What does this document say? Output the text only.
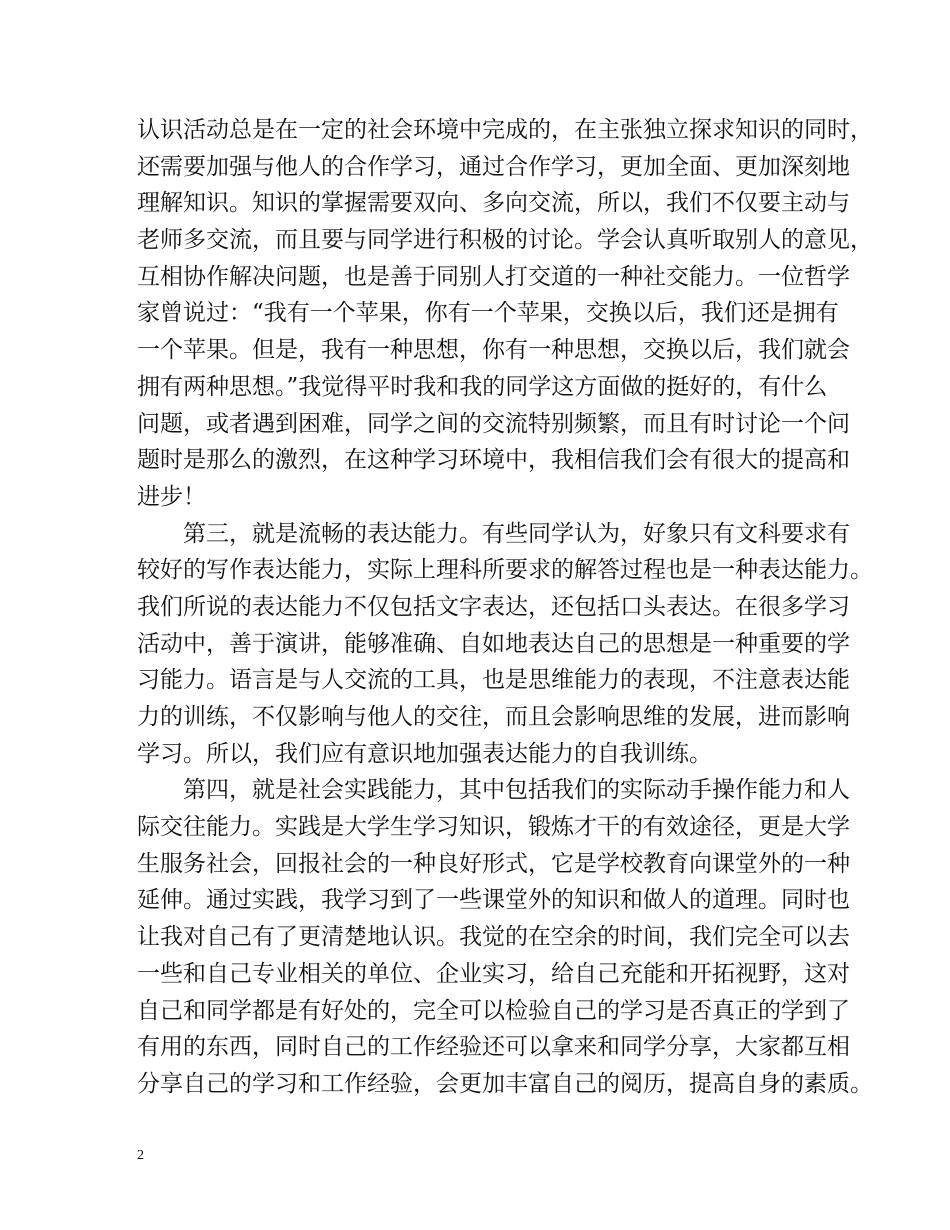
认识活动总是在一定的社会环境中完成的，在主张独立探求知识的同时，
还需要加强与他人的合作学习，通过合作学习，更加全面、更加深刻地
理解知识。知识的掌握需要双向、多向交流，所以，我们不仅要主动与
老师多交流，而且要与同学进行积极的讨论。学会认真听取别人的意见，
互相协作解决问题，也是善于同别人打交道的一种社交能力。一位哲学
家曾说过：“我有一个苹果，你有一个苹果，交换以后，我们还是拥有
一个苹果。但是，我有一种思想，你有一种思想，交换以后，我们就会
拥有两种思想。”我觉得平时我和我的同学这方面做的挺好的，有什么
问题，或者遇到困难，同学之间的交流特别频繁，而且有时讨论一个问
题时是那么的激烈，在这种学习环境中，我相信我们会有很大的提高和
进步！
　　第三，就是流畅的表达能力。有些同学认为，好象只有文科要求有
较好的写作表达能力，实际上理科所要求的解答过程也是一种表达能力。
我们所说的表达能力不仅包括文字表达，还包括口头表达。在很多学习
活动中，善于演讲，能够准确、自如地表达自己的思想是一种重要的学
习能力。语言是与人交流的工具，也是思维能力的表现，不注意表达能
力的训练，不仅影响与他人的交往，而且会影响思维的发展，进而影响
学习。所以，我们应有意识地加强表达能力的自我训练。
　　第四，就是社会实践能力，其中包括我们的实际动手操作能力和人
际交往能力。实践是大学生学习知识，锻炼才干的有效途径，更是大学
生服务社会，回报社会的一种良好形式，它是学校教育向课堂外的一种
延伸。通过实践，我学习到了一些课堂外的知识和做人的道理。同时也
让我对自己有了更清楚地认识。我觉的在空余的时间，我们完全可以去
一些和自己专业相关的单位、企业实习，给自己充能和开拓视野，这对
自己和同学都是有好处的，完全可以检验自己的学习是否真正的学到了
有用的东西，同时自己的工作经验还可以拿来和同学分享，大家都互相
分享自己的学习和工作经验，会更加丰富自己的阅历，提高自身的素质。
2
